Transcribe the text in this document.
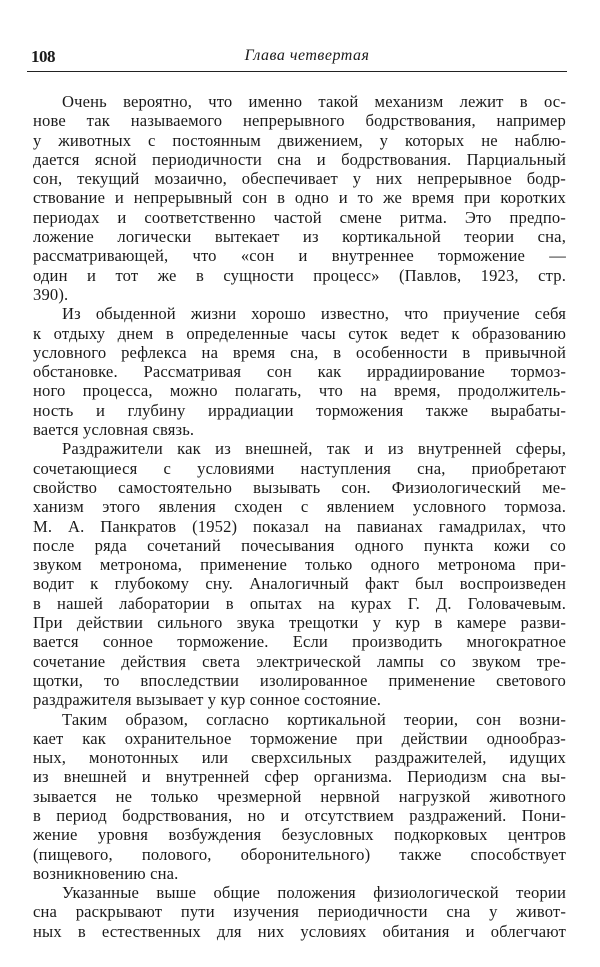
108	Глава четвертая
Очень вероятно, что именно такой механизм лежит в ос-
нове так называемого непрерывного бодрствования, например
у животных с постоянным движением, у которых не наблю-
дается ясной периодичности сна и бодрствования. Парциальный
сон, текущий мозаично, обеспечивает у них непрерывное бодр-
ствование и непрерывный сон в одно и то же время при коротких
периодах и соответственно частой смене ритма. Это предпо-
ложение логически вытекает из кортикальной теории сна,
рассматривающей, что «сон и внутреннее торможение —
один и тот же в сущности процесс» (Павлов, 1923, стр.
390).
Из обыденной жизни хорошо известно, что приучение себя
к отдыху днем в определенные часы суток ведет к образованию
условного рефлекса на время сна, в особенности в привычной
обстановке. Рассматривая сон как иррадиирование тормоз-
ного процесса, можно полагать, что на время, продолжитель-
ность и глубину иррадиации торможения также вырабаты-
вается условная связь.
Раздражители как из внешней, так и из внутренней сферы,
сочетающиеся с условиями наступления сна, приобретают
свойство самостоятельно вызывать сон. Физиологический ме-
ханизм этого явления сходен с явлением условного тормоза.
М. А. Панкратов (1952) показал на павианах гамадрилах, что
после ряда сочетаний почесывания одного пункта кожи со
звуком метронома, применение только одного метронома при-
водит к глубокому сну. Аналогичный факт был воспроизведен
в нашей лаборатории в опытах на курах Г. Д. Головачевым.
При действии сильного звука трещотки у кур в камере разви-
вается сонное торможение. Если производить многократное
сочетание действия света электрической лампы со звуком тре-
щотки, то впоследствии изолированное применение светового
раздражителя вызывает у кур сонное состояние.
Таким образом, согласно кортикальной теории, сон возни-
кает как охранительное торможение при действии однообраз-
ных, монотонных или сверхсильных раздражителей, идущих
из внешней и внутренней сфер организма. Периодизм сна вы-
зывается не только чрезмерной нервной нагрузкой животного
в период бодрствования, но и отсутствием раздражений. Пони-
жение уровня возбуждения безусловных подкорковых центров
(пищевого, полового, оборонительного) также способствует
возникновению сна.
Указанные выше общие положения физиологической теории
сна раскрывают пути изучения периодичности сна у живот-
ных в естественных для них условиях обитания и облегчают
